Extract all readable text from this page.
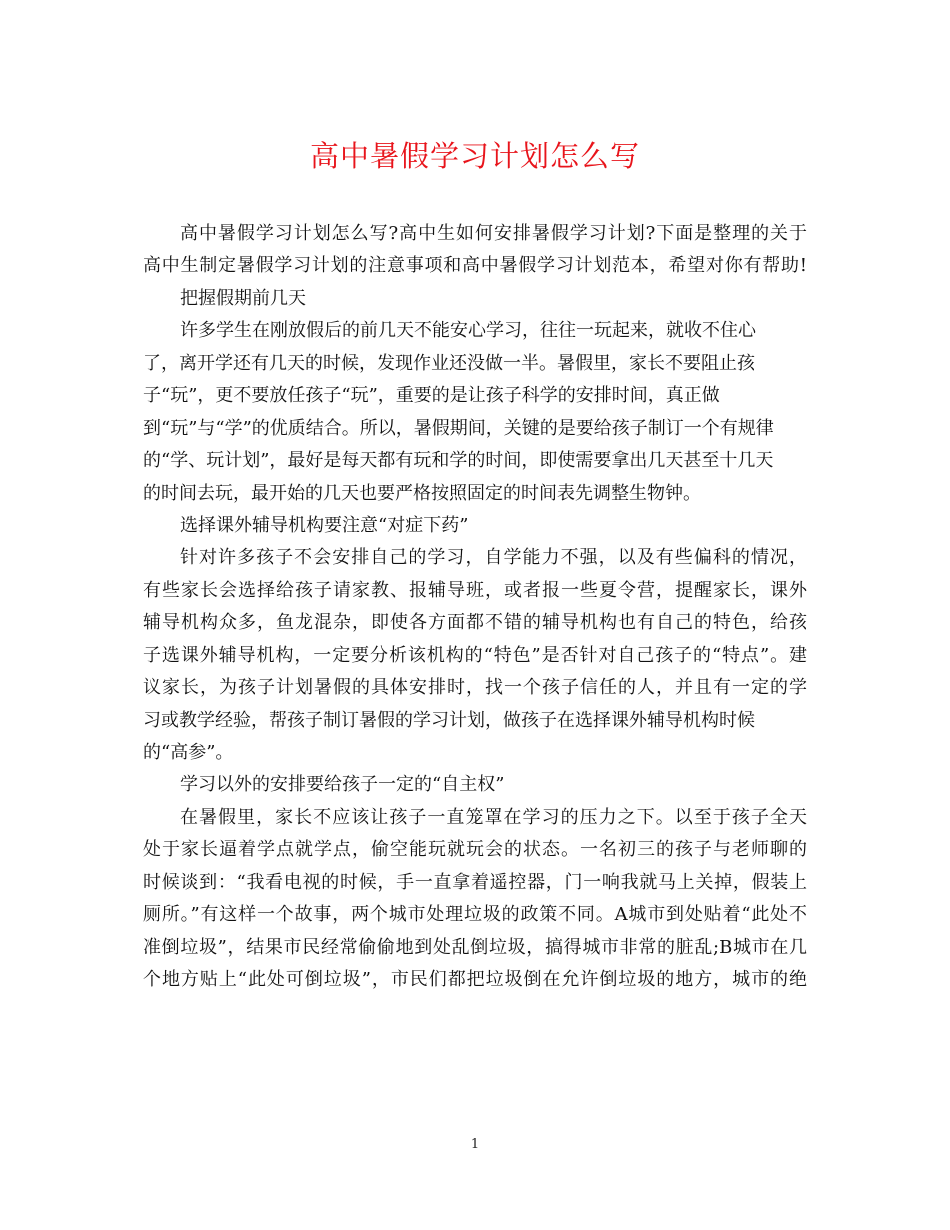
高中暑假学习计划怎么写
高中暑假学习计划怎么写?高中生如何安排暑假学习计划?下面是整理的关于
高中生制定暑假学习计划的注意事项和高中暑假学习计划范本，希望对你有帮助!
把握假期前几天
许多学生在刚放假后的前几天不能安心学习，往往一玩起来，就收不住心
了，离开学还有几天的时候，发现作业还没做一半。暑假里，家长不要阻止孩
子“玩”，更不要放任孩子“玩”，重要的是让孩子科学的安排时间，真正做
到“玩”与“学”的优质结合。所以，暑假期间，关键的是要给孩子制订一个有规律
的“学、玩计划”，最好是每天都有玩和学的时间，即使需要拿出几天甚至十几天
的时间去玩，最开始的几天也要严格按照固定的时间表先调整生物钟。
选择课外辅导机构要注意“对症下药”
针对许多孩子不会安排自己的学习，自学能力不强，以及有些偏科的情况，
有些家长会选择给孩子请家教、报辅导班，或者报一些夏令营，提醒家长，课外
辅导机构众多，鱼龙混杂，即使各方面都不错的辅导机构也有自己的特色，给孩
子选课外辅导机构，一定要分析该机构的“特色”是否针对自己孩子的“特点”。建
议家长，为孩子计划暑假的具体安排时，找一个孩子信任的人，并且有一定的学
习或教学经验，帮孩子制订暑假的学习计划，做孩子在选择课外辅导机构时候
的“高参”。
学习以外的安排要给孩子一定的“自主权”
在暑假里，家长不应该让孩子一直笼罩在学习的压力之下。以至于孩子全天
处于家长逼着学点就学点，偷空能玩就玩会的状态。一名初三的孩子与老师聊的
时候谈到：“我看电视的时候，手一直拿着遥控器，门一响我就马上关掉，假装上
厕所。”有这样一个故事，两个城市处理垃圾的政策不同。A城市到处贴着“此处不
准倒垃圾”，结果市民经常偷偷地到处乱倒垃圾，搞得城市非常的脏乱;B城市在几
个地方贴上“此处可倒垃圾”，市民们都把垃圾倒在允许倒垃圾的地方，城市的绝
1
